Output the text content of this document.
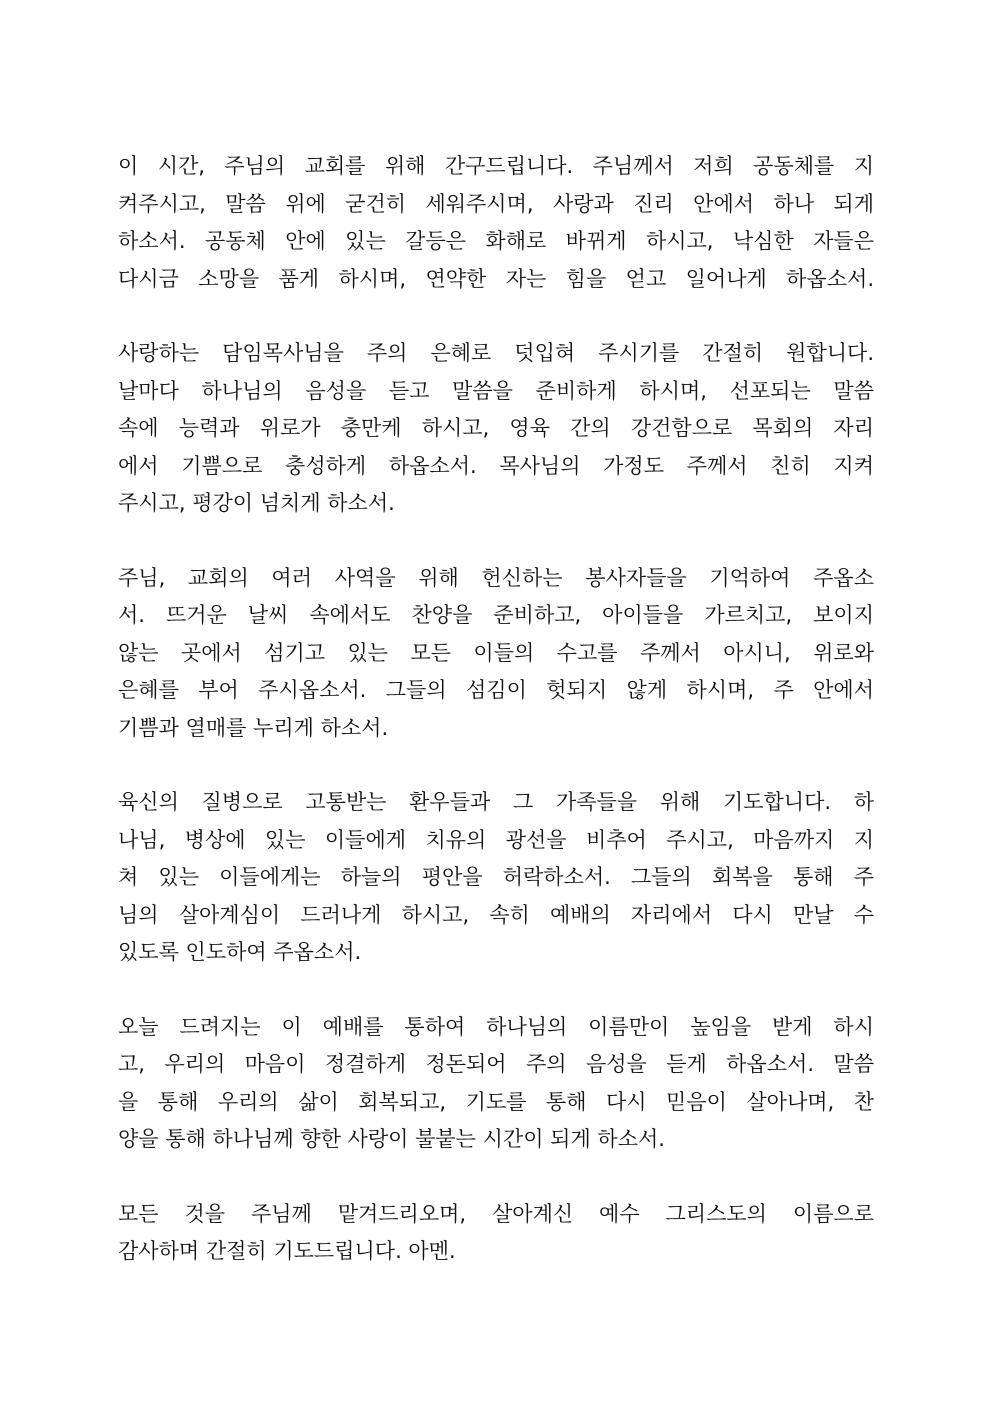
이 시간, 주님의 교회를 위해 간구드립니다. 주님께서 저희 공동체를 지
켜주시고, 말씀 위에 굳건히 세워주시며, 사랑과 진리 안에서 하나 되게
하소서. 공동체 안에 있는 갈등은 화해로 바뀌게 하시고, 낙심한 자들은
다시금 소망을 품게 하시며, 연약한 자는 힘을 얻고 일어나게 하옵소서.
사랑하는 담임목사님을 주의 은혜로 덧입혀 주시기를 간절히 원합니다.
날마다 하나님의 음성을 듣고 말씀을 준비하게 하시며, 선포되는 말씀
속에 능력과 위로가 충만케 하시고, 영육 간의 강건함으로 목회의 자리
에서 기쁨으로 충성하게 하옵소서. 목사님의 가정도 주께서 친히 지켜
주시고, 평강이 넘치게 하소서.
주님, 교회의 여러 사역을 위해 헌신하는 봉사자들을 기억하여 주옵소
서. 뜨거운 날씨 속에서도 찬양을 준비하고, 아이들을 가르치고, 보이지
않는 곳에서 섬기고 있는 모든 이들의 수고를 주께서 아시니, 위로와
은혜를 부어 주시옵소서. 그들의 섬김이 헛되지 않게 하시며, 주 안에서
기쁨과 열매를 누리게 하소서.
육신의 질병으로 고통받는 환우들과 그 가족들을 위해 기도합니다. 하
나님, 병상에 있는 이들에게 치유의 광선을 비추어 주시고, 마음까지 지
쳐 있는 이들에게는 하늘의 평안을 허락하소서. 그들의 회복을 통해 주
님의 살아계심이 드러나게 하시고, 속히 예배의 자리에서 다시 만날 수
있도록 인도하여 주옵소서.
오늘 드려지는 이 예배를 통하여 하나님의 이름만이 높임을 받게 하시
고, 우리의 마음이 정결하게 정돈되어 주의 음성을 듣게 하옵소서. 말씀
을 통해 우리의 삶이 회복되고, 기도를 통해 다시 믿음이 살아나며, 찬
양을 통해 하나님께 향한 사랑이 불붙는 시간이 되게 하소서.
모든 것을 주님께 맡겨드리오며, 살아계신 예수 그리스도의 이름으로
감사하며 간절히 기도드립니다. 아멘.
